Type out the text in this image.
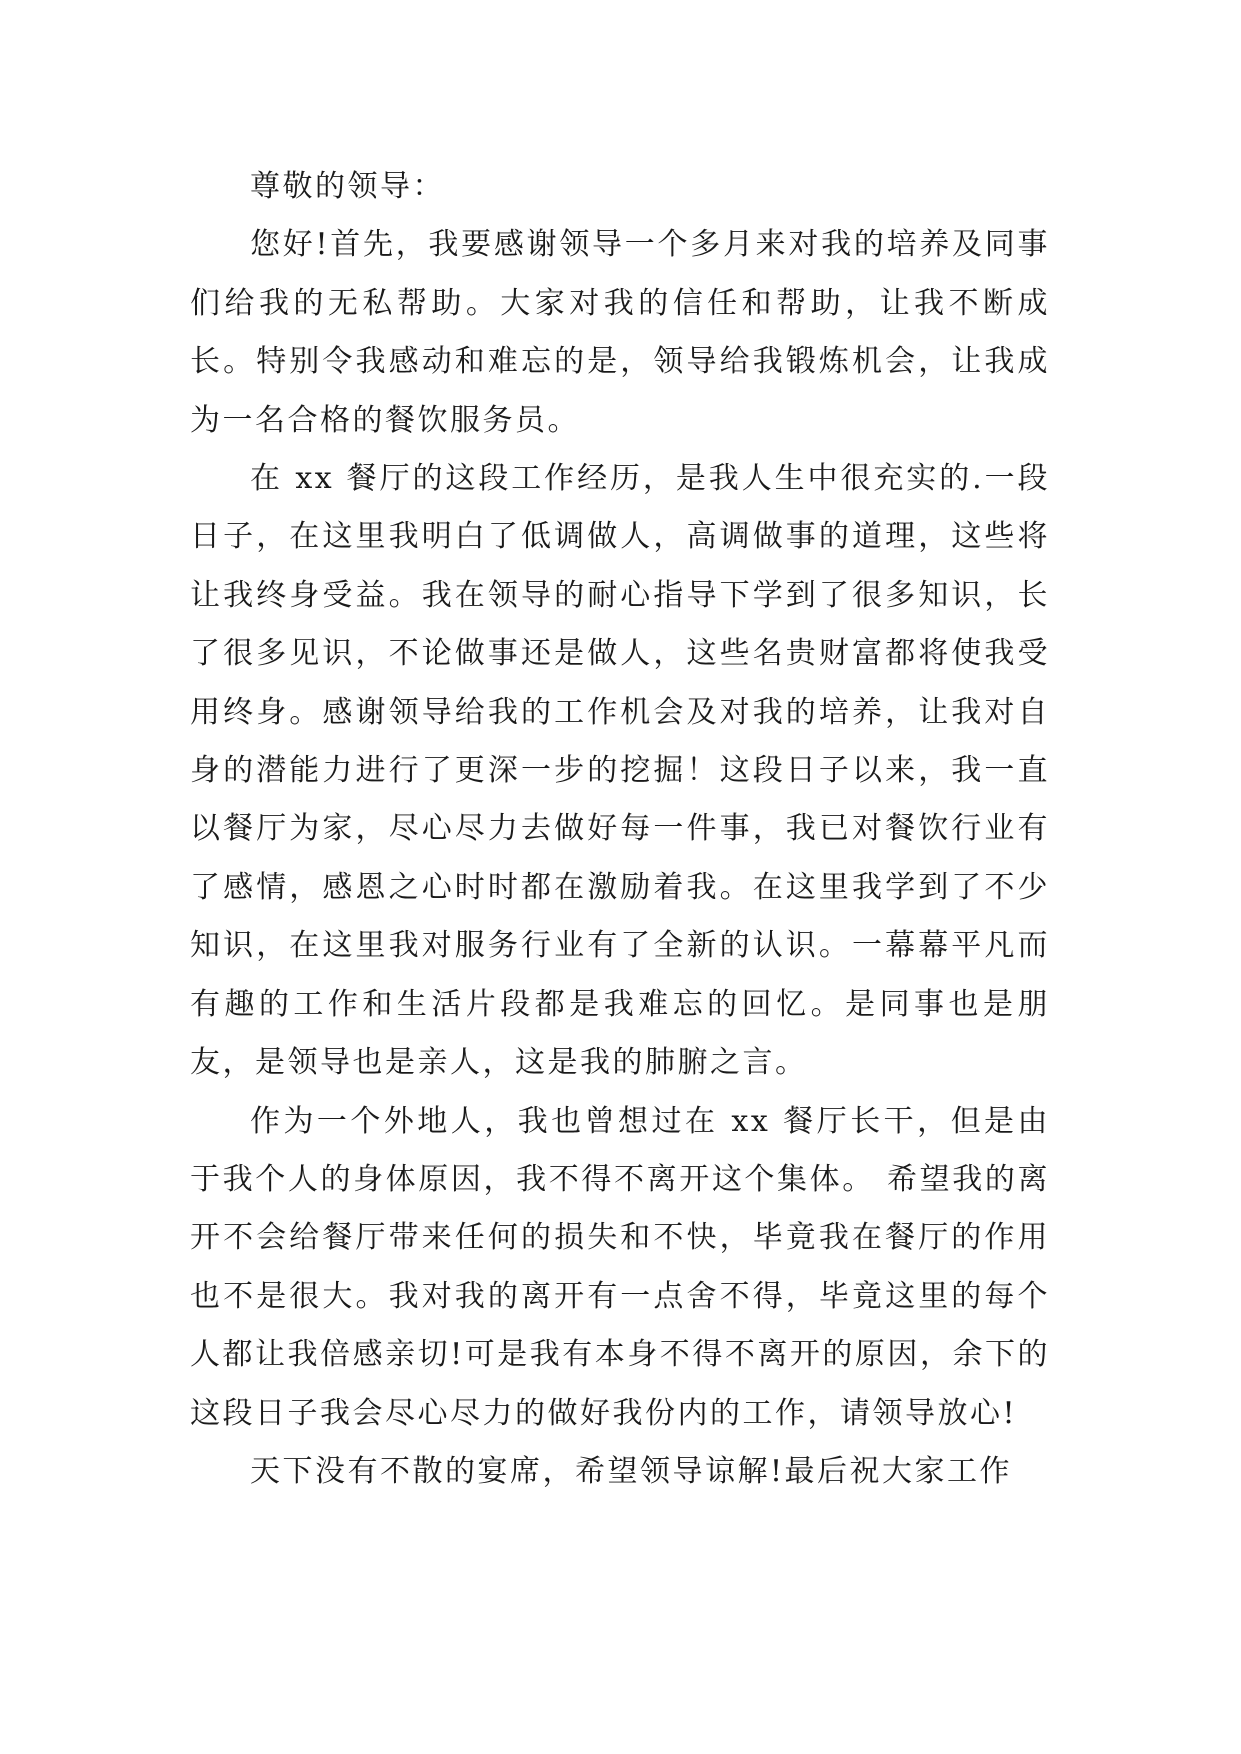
尊敬的领导：

您好!首先，我要感谢领导一个多月来对我的培养及同事们给我的无私帮助。大家对我的信任和帮助，让我不断成长。特别令我感动和难忘的是，领导给我锻炼机会，让我成为一名合格的餐饮服务员。

在 xx 餐厅的这段工作经历，是我人生中很充实的.一段日子，在这里我明白了低调做人，高调做事的道理，这些将让我终身受益。我在领导的耐心指导下学到了很多知识，长了很多见识，不论做事还是做人，这些名贵财富都将使我受用终身。感谢领导给我的工作机会及对我的培养，让我对自身的潜能力进行了更深一步的挖掘！这段日子以来，我一直以餐厅为家，尽心尽力去做好每一件事，我已对餐饮行业有了感情，感恩之心时时都在激励着我。在这里我学到了不少知识，在这里我对服务行业有了全新的认识。一幕幕平凡而有趣的工作和生活片段都是我难忘的回忆。是同事也是朋友，是领导也是亲人，这是我的肺腑之言。

作为一个外地人，我也曾想过在 xx 餐厅长干，但是由于我个人的身体原因，我不得不离开这个集体。 希望我的离开不会给餐厅带来任何的损失和不快，毕竟我在餐厅的作用也不是很大。我对我的离开有一点舍不得，毕竟这里的每个人都让我倍感亲切!可是我有本身不得不离开的原因，余下的这段日子我会尽心尽力的做好我份内的工作，请领导放心!

天下没有不散的宴席，希望领导谅解!最后祝大家工作
